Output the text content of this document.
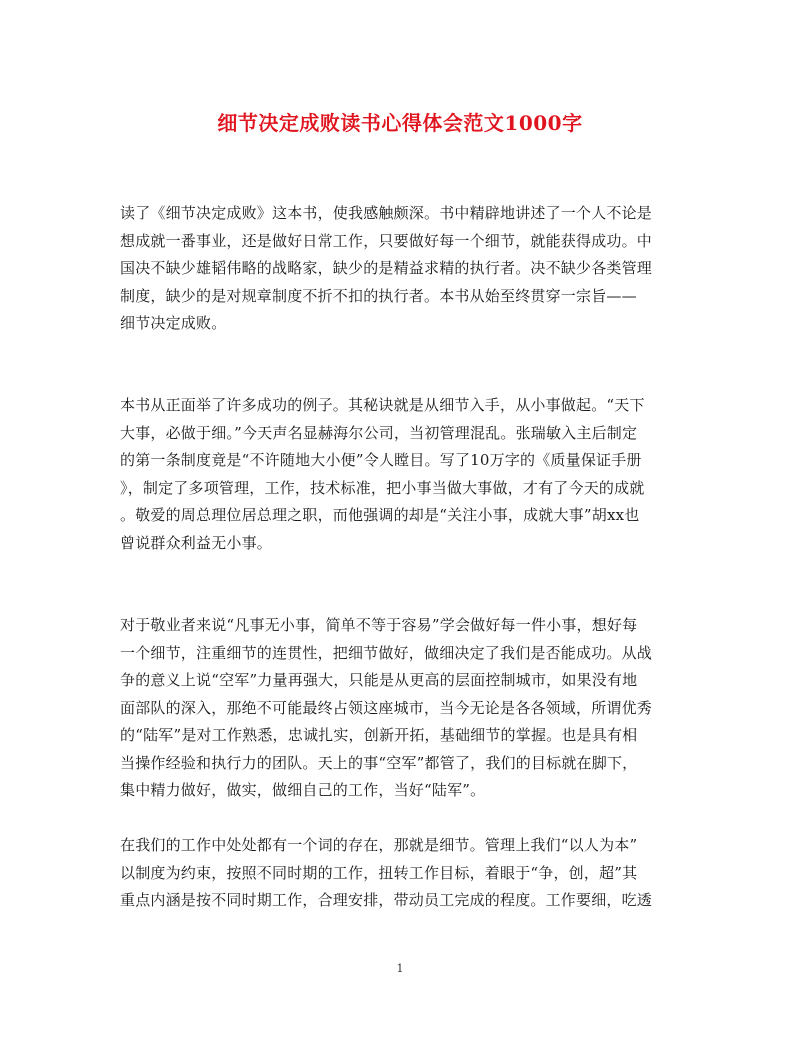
细节决定成败读书心得体会范文1000字
读了《细节决定成败》这本书，使我感触颇深。书中精辟地讲述了一个人不论是
想成就一番事业，还是做好日常工作，只要做好每一个细节，就能获得成功。中
国决不缺少雄韬伟略的战略家，缺少的是精益求精的执行者。决不缺少各类管理
制度，缺少的是对规章制度不折不扣的执行者。本书从始至终贯穿一宗旨——
细节决定成败。
本书从正面举了许多成功的例子。其秘诀就是从细节入手，从小事做起。“天下
大事，必做于细。”今天声名显赫海尔公司，当初管理混乱。张瑞敏入主后制定
的第一条制度竟是“不许随地大小便”令人瞠目。写了10万字的《质量保证手册
》，制定了多项管理，工作，技术标准，把小事当做大事做，才有了今天的成就
。敬爱的周总理位居总理之职，而他强调的却是“关注小事，成就大事”胡xx也
曾说群众利益无小事。
对于敬业者来说“凡事无小事，简单不等于容易”学会做好每一件小事，想好每
一个细节，注重细节的连贯性，把细节做好，做细决定了我们是否能成功。从战
争的意义上说“空军”力量再强大，只能是从更高的层面控制城市，如果没有地
面部队的深入，那绝不可能最终占领这座城市，当今无论是各各领域，所谓优秀
的“陆军”是对工作熟悉，忠诚扎实，创新开拓，基础细节的掌握。也是具有相
当操作经验和执行力的团队。天上的事“空军”都管了，我们的目标就在脚下，
集中精力做好，做实，做细自己的工作，当好“陆军”。
在我们的工作中处处都有一个词的存在，那就是细节。管理上我们“以人为本”
以制度为约束，按照不同时期的工作，扭转工作目标，着眼于“争，创，超”其
重点内涵是按不同时期工作，合理安排，带动员工完成的程度。工作要细，吃透
1
